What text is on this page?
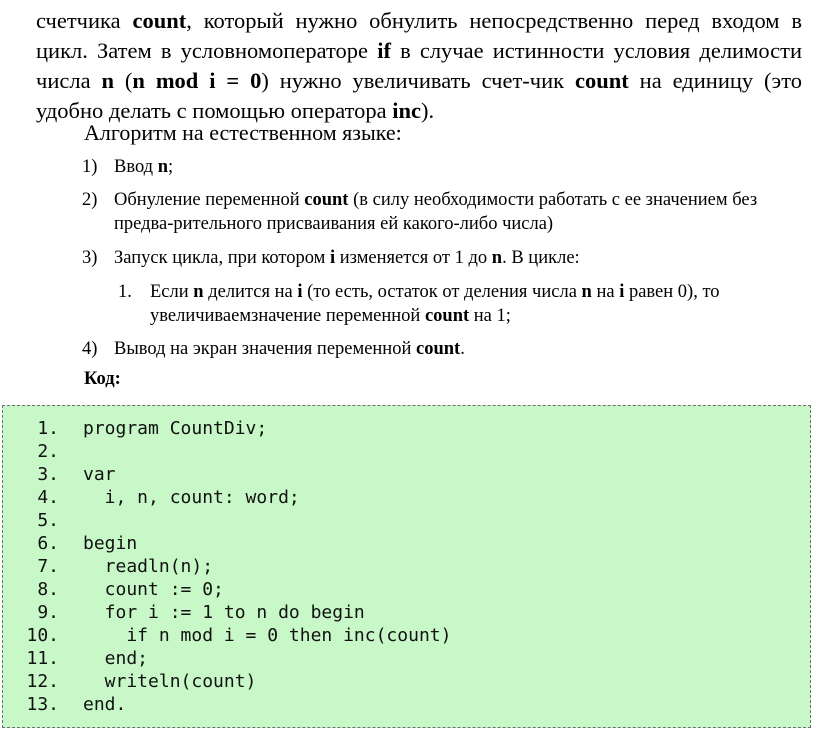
счетчика count, который нужно обнулить непосредственно перед входом в цикл. Затем в условномоператоре if в случае истинности условия делимости числа n (n mod i = 0) нужно увеличивать счет-чик count на единицу (это удобно делать с помощью оператора inc).

Алгоритм на естественном языке:

1) Ввод n;
2) Обнуление переменной count (в силу необходимости работать с ее значением без предва-рительного присваивания ей какого-либо числа)
3) Запуск цикла, при котором i изменяется от 1 до n. В цикле:
1. Если n делится на i (то есть, остаток от деления числа n на i равен 0), то увеличиваемзначение переменной count на 1;
4) Вывод на экран значения переменной count.

Код:

1. program CountDiv;
2.
3. var
4. i, n, count: word;
5.
6. begin
7. readln(n);
8. count := 0;
9. for i := 1 to n do begin
10. if n mod i = 0 then inc(count)
11. end;
12. writeln(count)
13. end.
